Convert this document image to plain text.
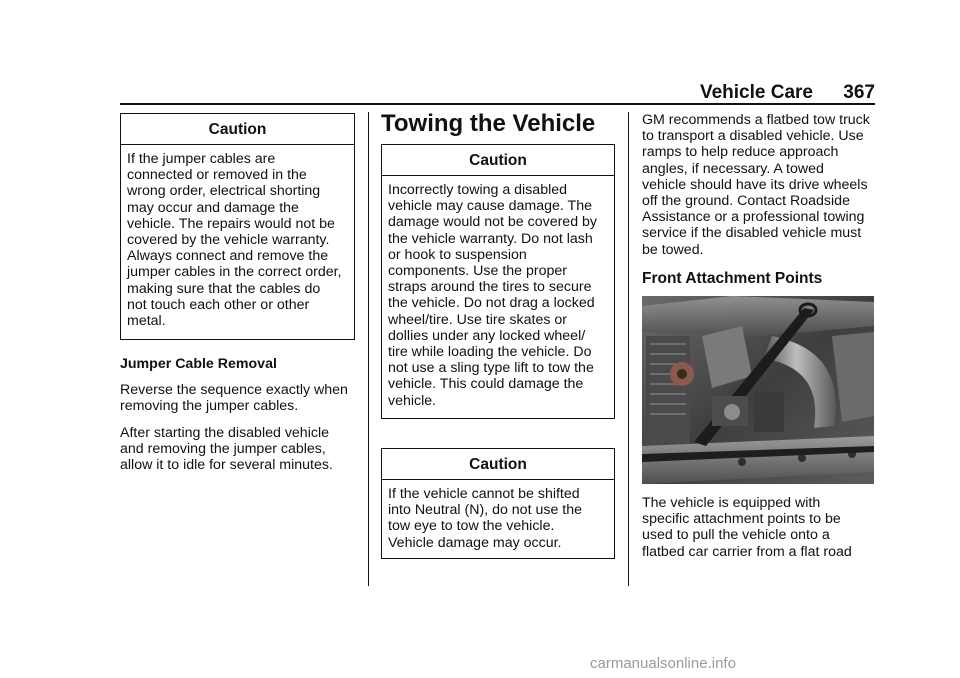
Vehicle Care 367
Caution
If the jumper cables are
connected or removed in the
wrong order, electrical shorting
may occur and damage the
vehicle. The repairs would not be
covered by the vehicle warranty.
Always connect and remove the
jumper cables in the correct order,
making sure that the cables do
not touch each other or other
metal.
Jumper Cable Removal
Reverse the sequence exactly when
removing the jumper cables.
After starting the disabled vehicle
and removing the jumper cables,
allow it to idle for several minutes.
Towing the Vehicle
Caution
Incorrectly towing a disabled
vehicle may cause damage. The
damage would not be covered by
the vehicle warranty. Do not lash
or hook to suspension
components. Use the proper
straps around the tires to secure
the vehicle. Do not drag a locked
wheel/tire. Use tire skates or
dollies under any locked wheel/
tire while loading the vehicle. Do
not use a sling type lift to tow the
vehicle. This could damage the
vehicle.
Caution
If the vehicle cannot be shifted
into Neutral (N), do not use the
tow eye to tow the vehicle.
Vehicle damage may occur.
GM recommends a flatbed tow truck
to transport a disabled vehicle. Use
ramps to help reduce approach
angles, if necessary. A towed
vehicle should have its drive wheels
off the ground. Contact Roadside
Assistance or a professional towing
service if the disabled vehicle must
be towed.
Front Attachment Points
The vehicle is equipped with
specific attachment points to be
used to pull the vehicle onto a
flatbed car carrier from a flat road
carmanualsonline.info
